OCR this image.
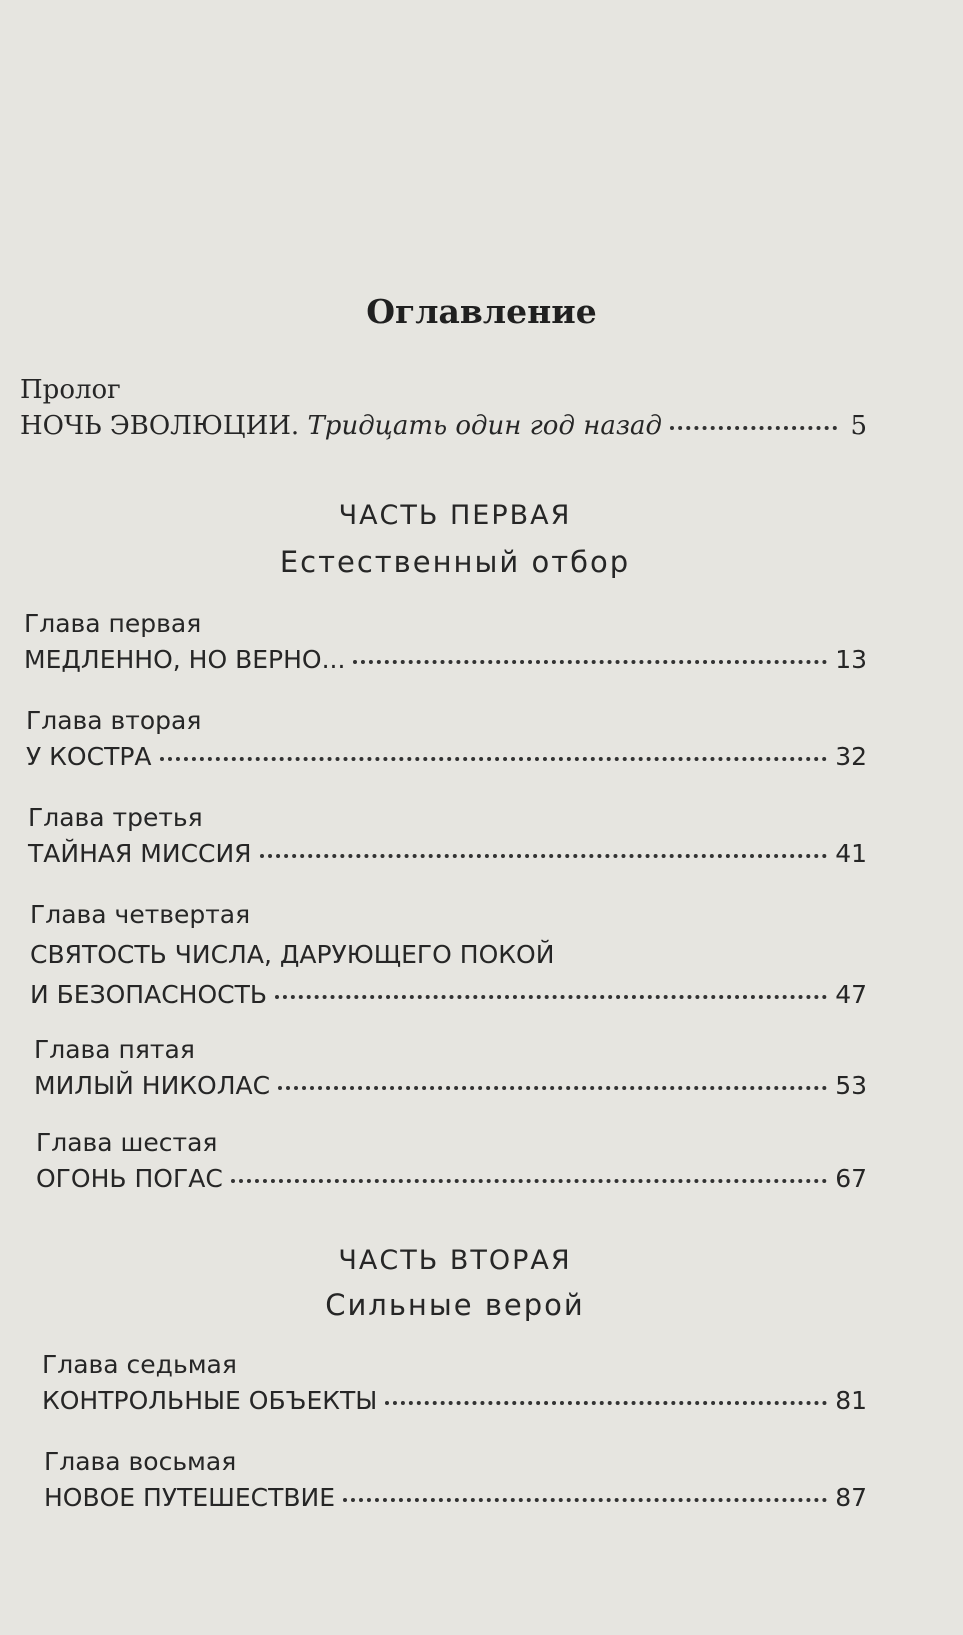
Оглавление
Пролог
НОЧЬ ЭВОЛЮЦИИ. Тридцать один год назад	5
ЧАСТЬ ПЕРВАЯ
Естественный отбор
Глава первая
МЕДЛЕННО, НО ВЕРНО...	13
Глава вторая
У КОСТРА	32
Глава третья
ТАЙНАЯ МИССИЯ	41
Глава четвертая
СВЯТОСТЬ ЧИСЛА, ДАРУЮЩЕГО ПОКОЙ
И БЕЗОПАСНОСТЬ	47
Глава пятая
МИЛЫЙ НИКОЛАС	53
Глава шестая
ОГОНЬ ПОГАС	67
ЧАСТЬ ВТОРАЯ
Сильные верой
Глава седьмая
КОНТРОЛЬНЫЕ ОБЪЕКТЫ	81
Глава восьмая
НОВОЕ ПУТЕШЕСТВИЕ	87
